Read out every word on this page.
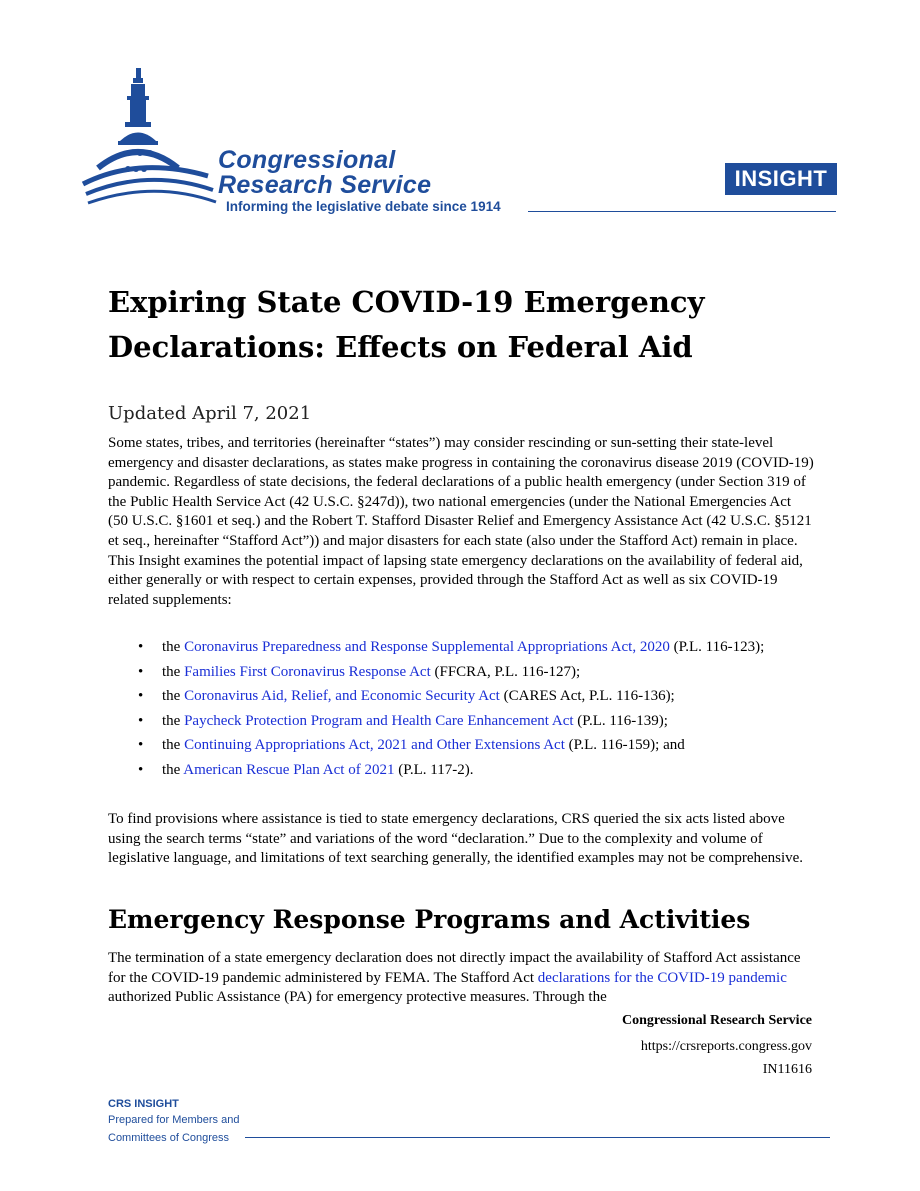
Congressional
Research Service
Informing the legislative debate since 1914
INSIGHT
Expiring State COVID-19 Emergency Declarations: Effects on Federal Aid
Updated April 7, 2021

Some states, tribes, and territories (hereinafter “states”) may consider rescinding or sun-setting their state-level emergency and disaster declarations, as states make progress in containing the coronavirus disease 2019 (COVID-19) pandemic. Regardless of state decisions, the federal declarations of a public health emergency (under Section 319 of the Public Health Service Act (42 U.S.C. §247d)), two national emergencies (under the National Emergencies Act (50 U.S.C. §1601 et seq.) and the Robert T. Stafford Disaster Relief and Emergency Assistance Act (42 U.S.C. §5121 et seq., hereinafter “Stafford Act”)) and major disasters for each state (also under the Stafford Act) remain in place. This Insight examines the potential impact of lapsing state emergency declarations on the availability of federal aid, either generally or with respect to certain expenses, provided through the Stafford Act as well as six COVID-19 related supplements:

• the Coronavirus Preparedness and Response Supplemental Appropriations Act, 2020 (P.L. 116-123);
• the Families First Coronavirus Response Act (FFCRA, P.L. 116-127);
• the Coronavirus Aid, Relief, and Economic Security Act (CARES Act, P.L. 116-136);
• the Paycheck Protection Program and Health Care Enhancement Act (P.L. 116-139);
• the Continuing Appropriations Act, 2021 and Other Extensions Act (P.L. 116-159); and
• the American Rescue Plan Act of 2021 (P.L. 117-2).

To find provisions where assistance is tied to state emergency declarations, CRS queried the six acts listed above using the search terms “state” and variations of the word “declaration.” Due to the complexity and volume of legislative language, and limitations of text searching generally, the identified examples may not be comprehensive.

Emergency Response Programs and Activities

The termination of a state emergency declaration does not directly impact the availability of Stafford Act assistance for the COVID-19 pandemic administered by FEMA. The Stafford Act declarations for the COVID-19 pandemic authorized Public Assistance (PA) for emergency protective measures. Through the

Congressional Research Service
https://crsreports.congress.gov
IN11616
CRS INSIGHT
Prepared for Members and
Committees of Congress
